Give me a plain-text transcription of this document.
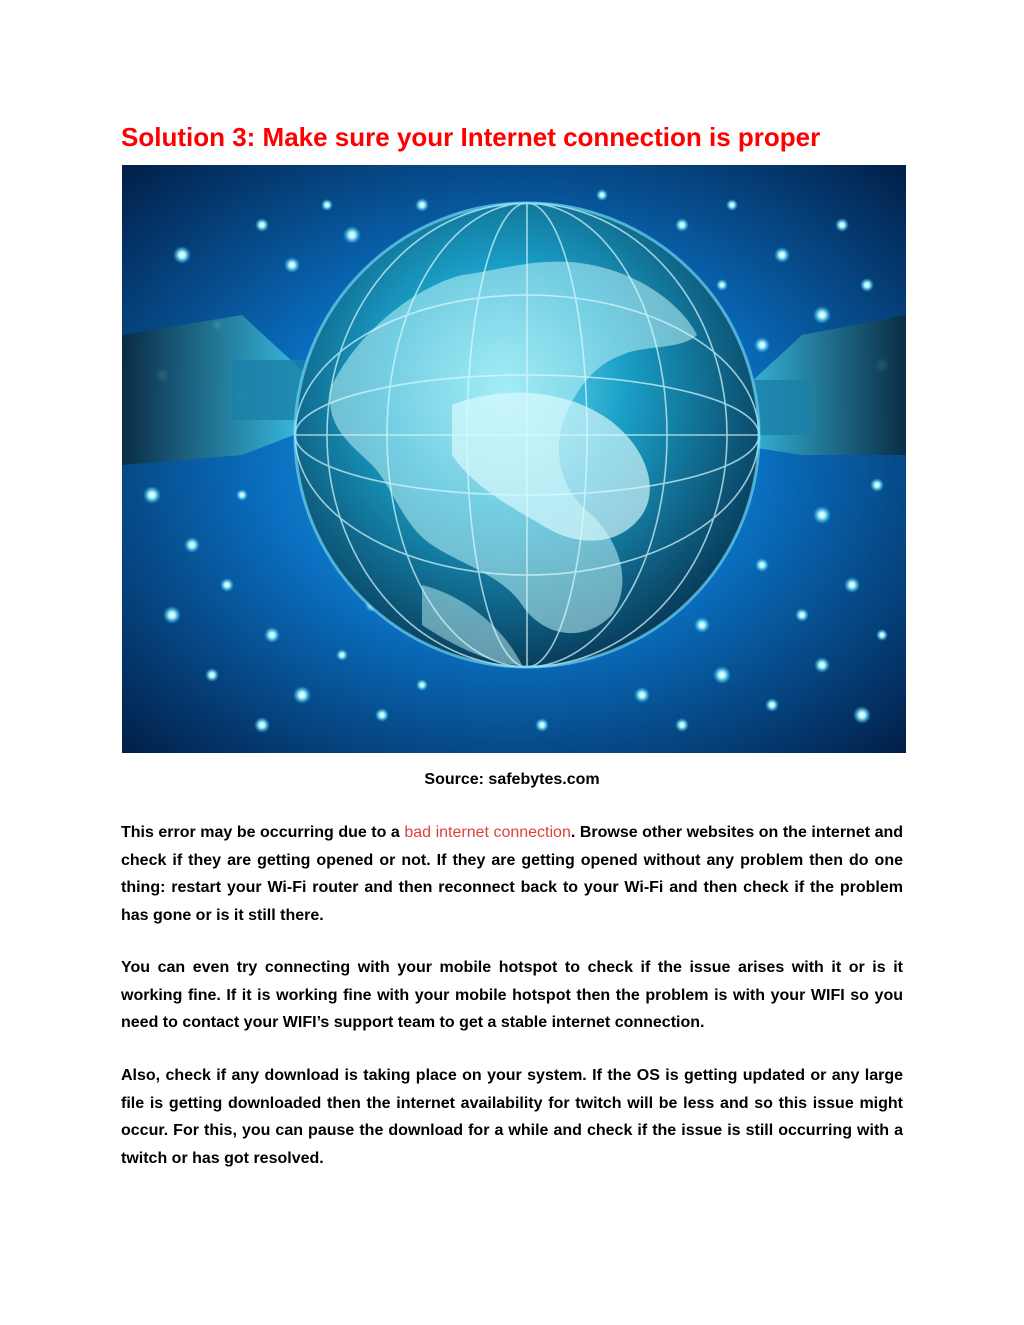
Solution 3: Make sure your Internet connection is proper
Source: safebytes.com

This error may be occurring due to a bad internet connection. Browse other websites on the internet and check if they are getting opened or not. If they are getting opened without any problem then do one thing: restart your Wi-Fi router and then reconnect back to your Wi-Fi and then check if the problem has gone or is it still there.

You can even try connecting with your mobile hotspot to check if the issue arises with it or is it working fine. If it is working fine with your mobile hotspot then the problem is with your WIFI so you need to contact your WIFI’s support team to get a stable internet connection.

Also, check if any download is taking place on your system. If the OS is getting updated or any large file is getting downloaded then the internet availability for twitch will be less and so this issue might occur. For this, you can pause the download for a while and check if the issue is still occurring with a twitch or has got resolved.
